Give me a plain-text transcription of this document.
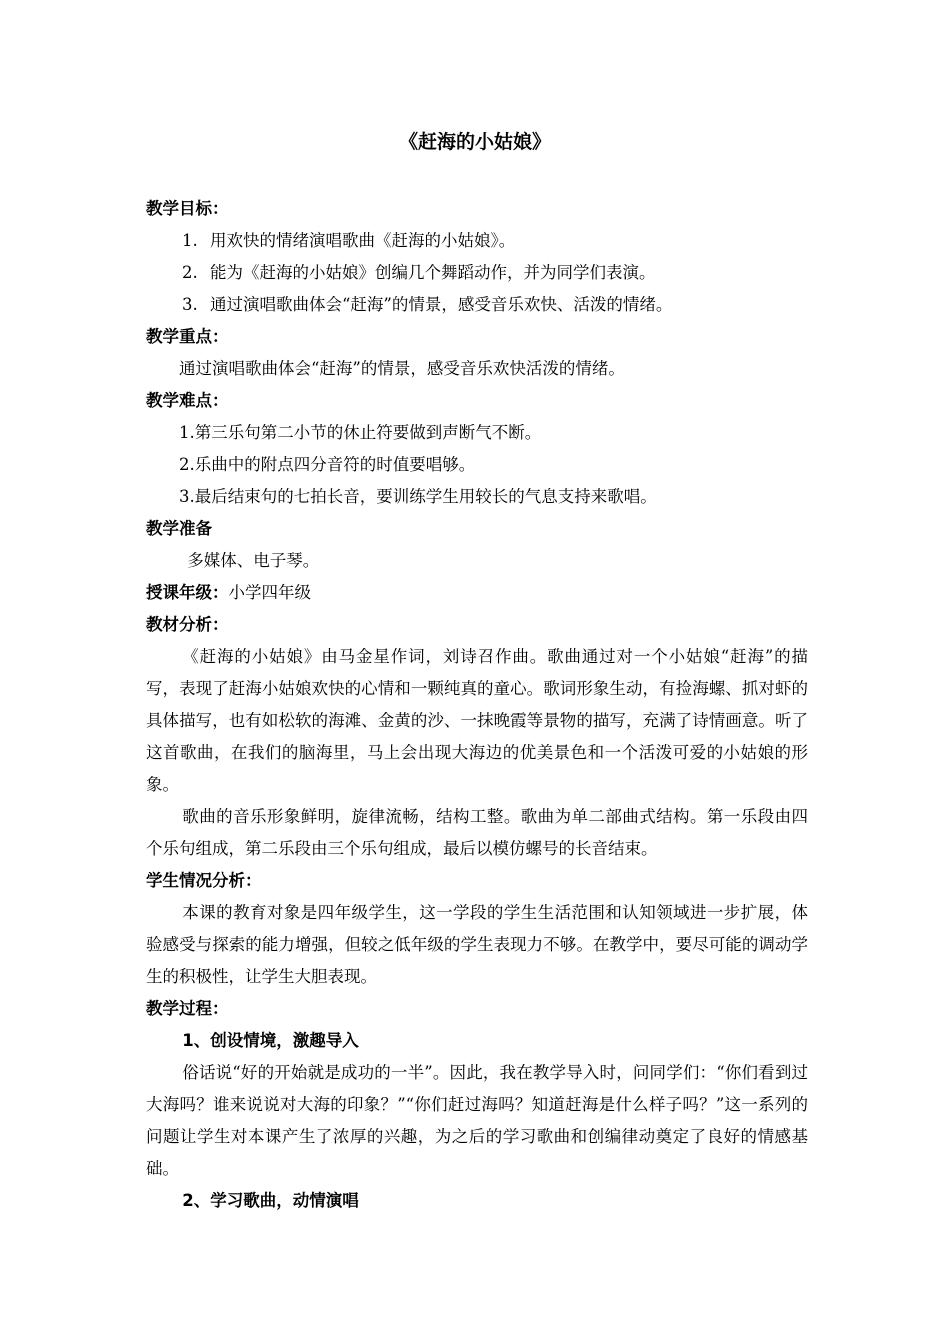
《赶海的小姑娘》

教学目标：

1. 用欢快的情绪演唱歌曲《赶海的小姑娘》。

2. 能为《赶海的小姑娘》创编几个舞蹈动作，并为同学们表演。

3. 通过演唱歌曲体会“赶海”的情景，感受音乐欢快、活泼的情绪。

教学重点：

通过演唱歌曲体会“赶海”的情景，感受音乐欢快活泼的情绪。

教学难点：

1.第三乐句第二小节的休止符要做到声断气不断。

2.乐曲中的附点四分音符的时值要唱够。

3.最后结束句的七拍长音，要训练学生用较长的气息支持来歌唱。

教学准备

多媒体、电子琴。

授课年级：小学四年级

教材分析：

《赶海的小姑娘》由马金星作词，刘诗召作曲。歌曲通过对一个小姑娘“赶海”的描写，表现了赶海小姑娘欢快的心情和一颗纯真的童心。歌词形象生动，有捡海螺、抓对虾的具体描写，也有如松软的海滩、金黄的沙、一抹晚霞等景物的描写，充满了诗情画意。听了这首歌曲，在我们的脑海里，马上会出现大海边的优美景色和一个活泼可爱的小姑娘的形象。

歌曲的音乐形象鲜明，旋律流畅，结构工整。歌曲为单二部曲式结构。第一乐段由四个乐句组成，第二乐段由三个乐句组成，最后以模仿螺号的长音结束。

学生情况分析：

本课的教育对象是四年级学生，这一学段的学生生活范围和认知领域进一步扩展，体验感受与探索的能力增强，但较之低年级的学生表现力不够。在教学中，要尽可能的调动学生的积极性，让学生大胆表现。

教学过程：

1、创设情境，激趣导入

俗话说“好的开始就是成功的一半”。因此，我在教学导入时，问同学们：“你们看到过大海吗？谁来说说对大海的印象？”“你们赶过海吗？知道赶海是什么样子吗？”这一系列的问题让学生对本课产生了浓厚的兴趣，为之后的学习歌曲和创编律动奠定了良好的情感基础。

2、学习歌曲，动情演唱
